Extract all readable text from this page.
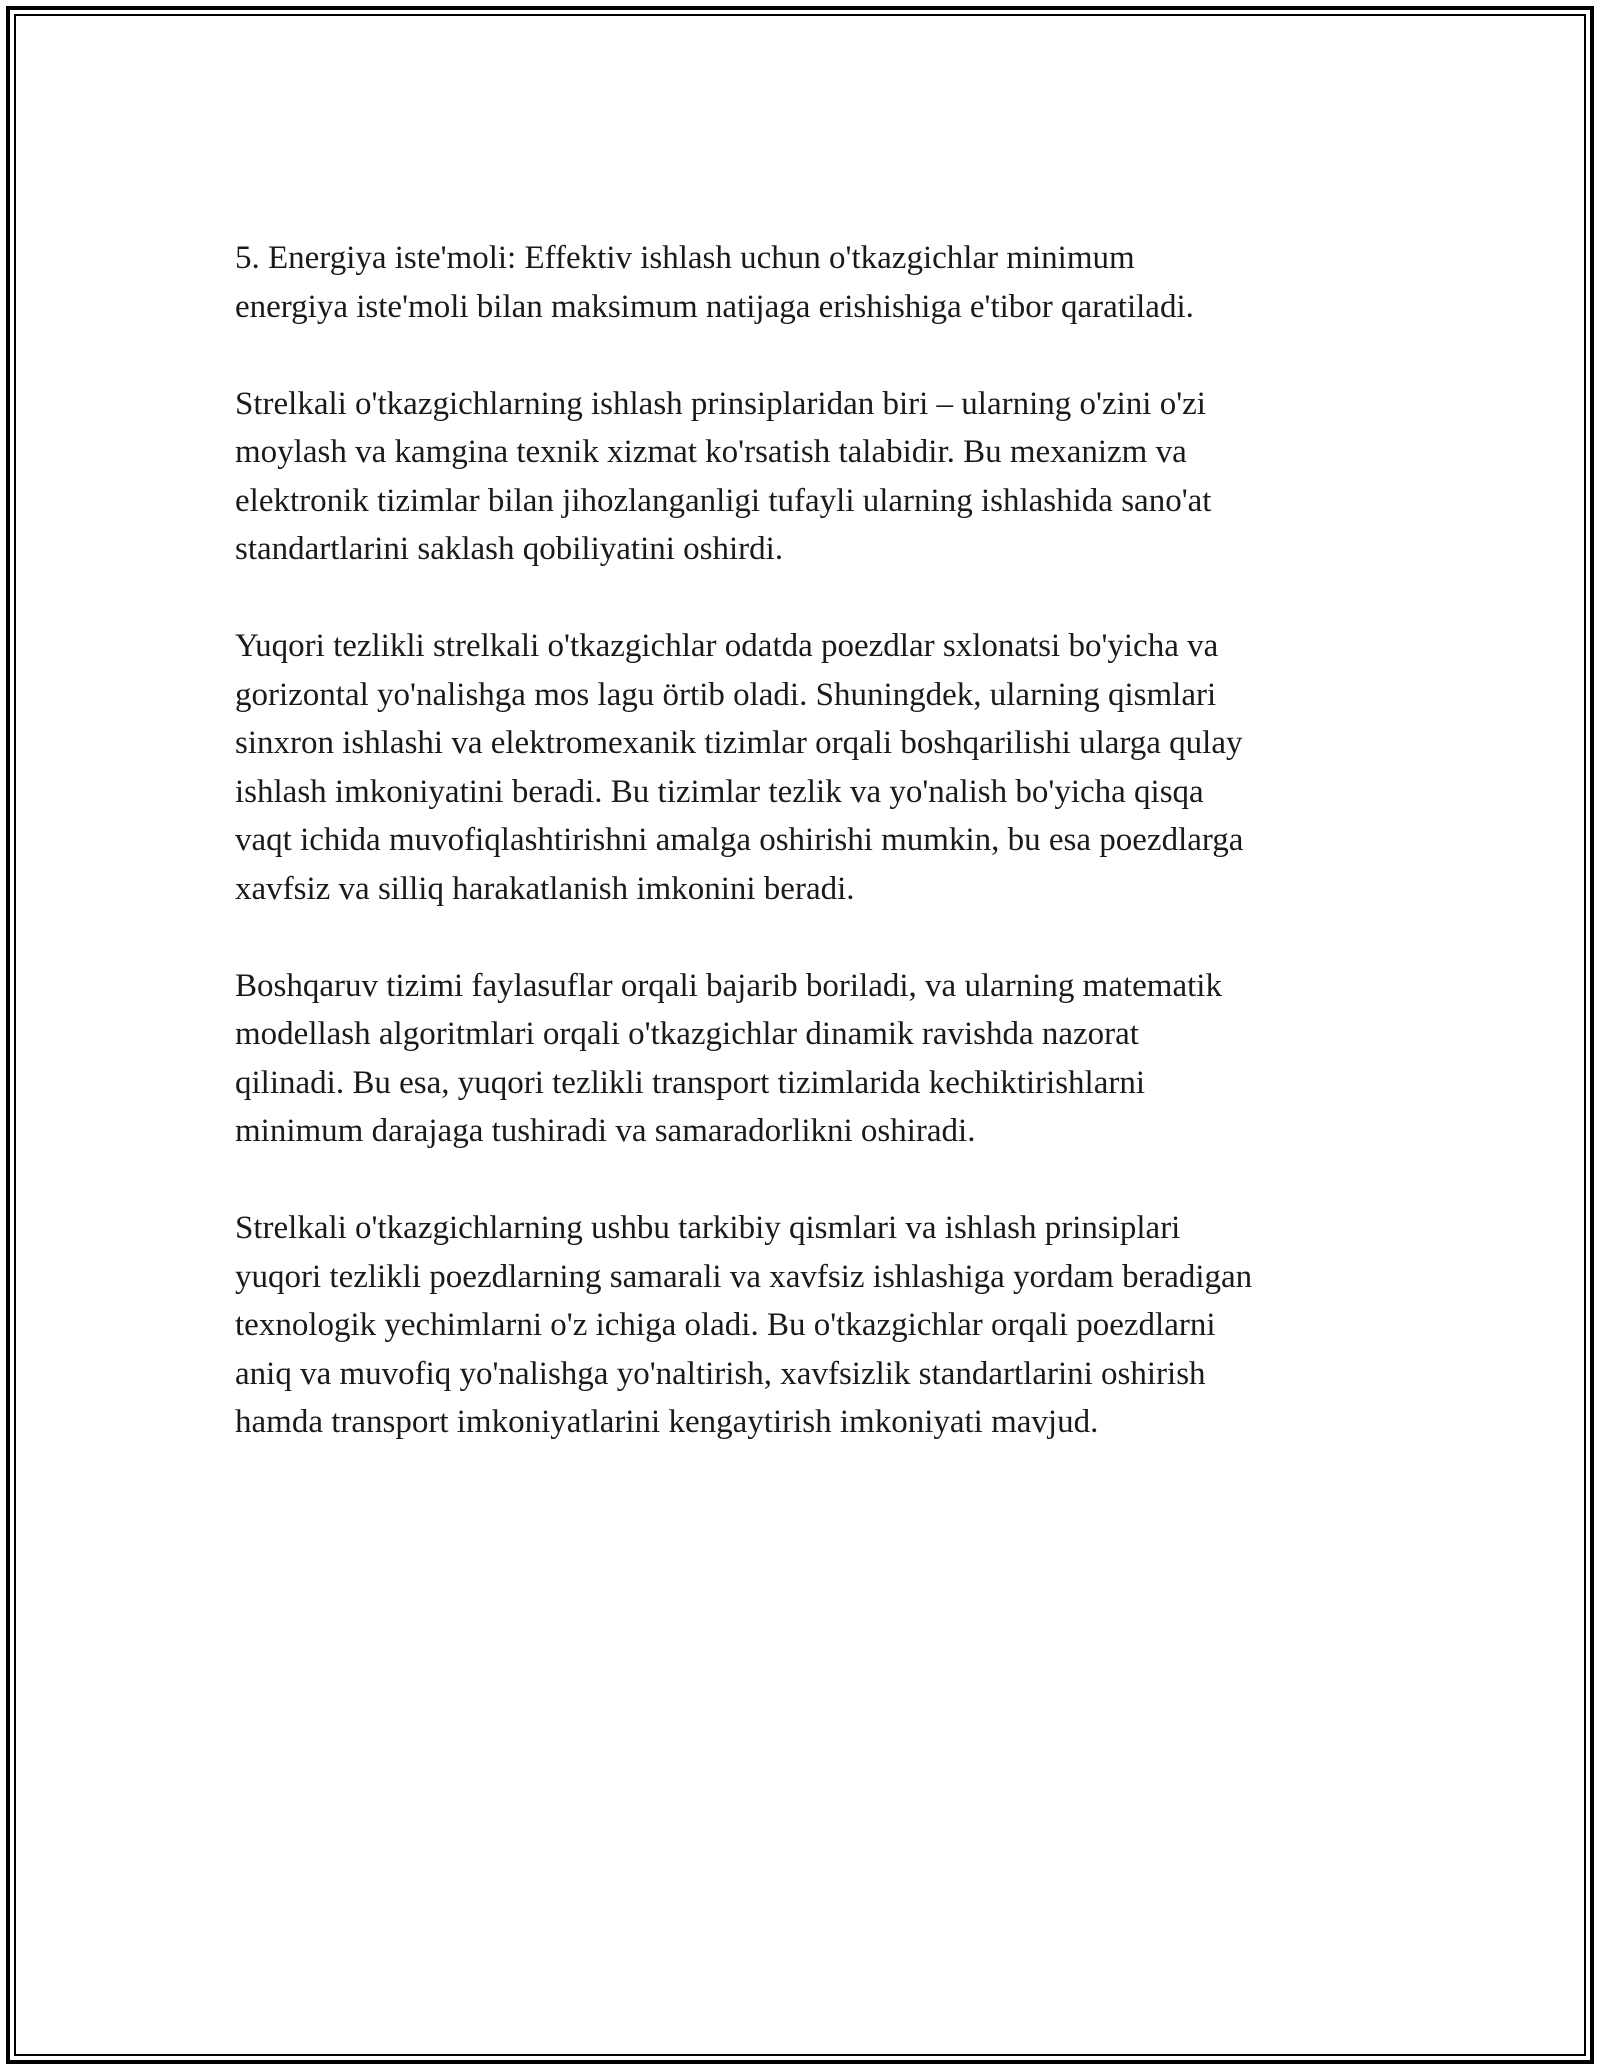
5. Energiya iste'moli: Effektiv ishlash uchun o'tkazgichlar minimum
energiya iste'moli bilan maksimum natijaga erishishiga e'tibor qaratiladi.

Strelkali o'tkazgichlarning ishlash prinsiplaridan biri – ularning o'zini o'zi
moylash va kamgina texnik xizmat ko'rsatish talabidir. Bu mexanizm va
elektronik tizimlar bilan jihozlanganligi tufayli ularning ishlashida sano'at
standartlarini saklash qobiliyatini oshirdi.

Yuqori tezlikli strelkali o'tkazgichlar odatda poezdlar sxlonatsi bo'yicha va
gorizontal yo'nalishga mos lagu örtib oladi. Shuningdek, ularning qismlari
sinxron ishlashi va elektromexanik tizimlar orqali boshqarilishi ularga qulay
ishlash imkoniyatini beradi. Bu tizimlar tezlik va yo'nalish bo'yicha qisqa
vaqt ichida muvofiqlashtirishni amalga oshirishi mumkin, bu esa poezdlarga
xavfsiz va silliq harakatlanish imkonini beradi.

Boshqaruv tizimi faylasuflar orqali bajarib boriladi, va ularning matematik
modellash algoritmlari orqali o'tkazgichlar dinamik ravishda nazorat
qilinadi. Bu esa, yuqori tezlikli transport tizimlarida kechiktirishlarni
minimum darajaga tushiradi va samaradorlikni oshiradi.

Strelkali o'tkazgichlarning ushbu tarkibiy qismlari va ishlash prinsiplari
yuqori tezlikli poezdlarning samarali va xavfsiz ishlashiga yordam beradigan
texnologik yechimlarni o'z ichiga oladi. Bu o'tkazgichlar orqali poezdlarni
aniq va muvofiq yo'nalishga yo'naltirish, xavfsizlik standartlarini oshirish
hamda transport imkoniyatlarini kengaytirish imkoniyati mavjud.
